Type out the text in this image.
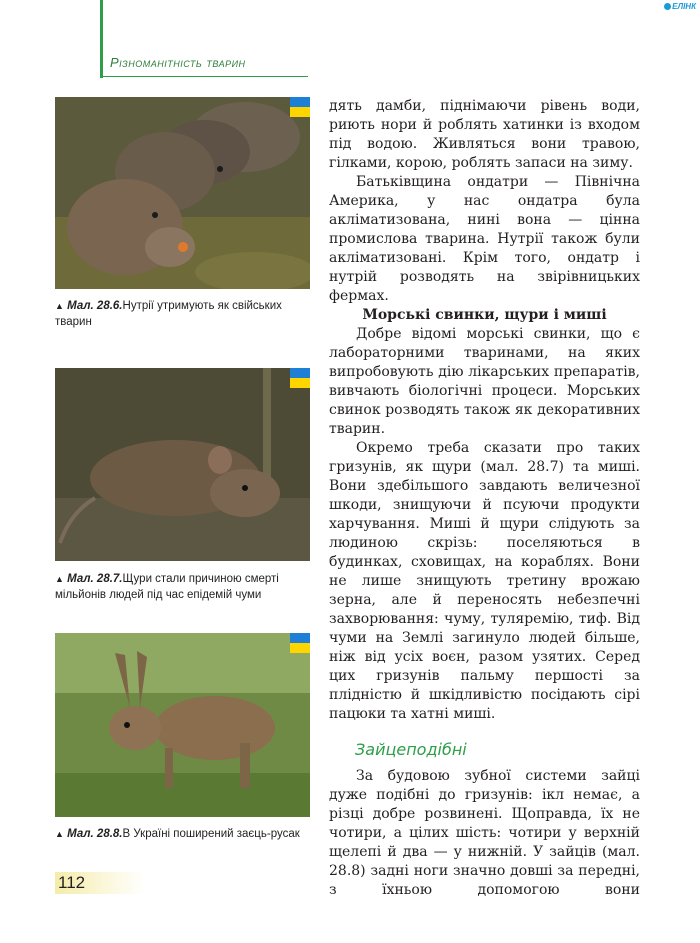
Різноманітність тварин
ЕЛІНК
▲ Мал. 28.6.Нутрії утримують як свійських тварин
▲ Мал. 28.7.Щури стали причиною смерті мільйонів людей під час епідемій чуми
▲ Мал. 28.8.В Україні поширений заєць-русак

дять дамби, піднімаючи рівень води, риють нори й роблять хатинки із входом під водою. Живляться вони травою, гілками, корою, роблять запаси на зиму.

Батьківщина ондатри — Північна Америка, у нас ондатра була акліматизована, нині вона — цінна промислова тварина. Нутрії також були акліматизовані. Крім того, ондатр і нутрій розводять на звірівницьких фермах.

Морські свинки, щури і миші

Добре відомі морські свинки, що є лабораторними тваринами, на яких випробовують дію лікарських препаратів, вивчають біологічні процеси. Морських свинок розводять також як декоративних тварин.

Окремо треба сказати про таких гризунів, як щури (мал. 28.7) та миші. Вони здебільшого завдають величезної шкоди, знищуючи й псуючи продукти харчування. Миші й щури слідують за людиною скрізь: поселяються в будинках, сховищах, на кораблях. Вони не лише знищують третину врожаю зерна, але й переносять небезпечні захворювання: чуму, туляремію, тиф. Від чуми на Землі загинуло людей більше, ніж від усіх воєн, разом узятих. Серед цих гризунів пальму першості за плідністю й шкідливістю посідають сірі пацюки та хатні миші.

Зайцеподібні

За будовою зубної системи зайці дуже подібні до гризунів: ікл немає, а різці добре розвинені. Щоправда, їх не чотири, а цілих шість: чотири у верхній щелепі й два — у нижній. У зайців (мал. 28.8) задні ноги значно довші за передні, з їхньою допомогою вони

112
